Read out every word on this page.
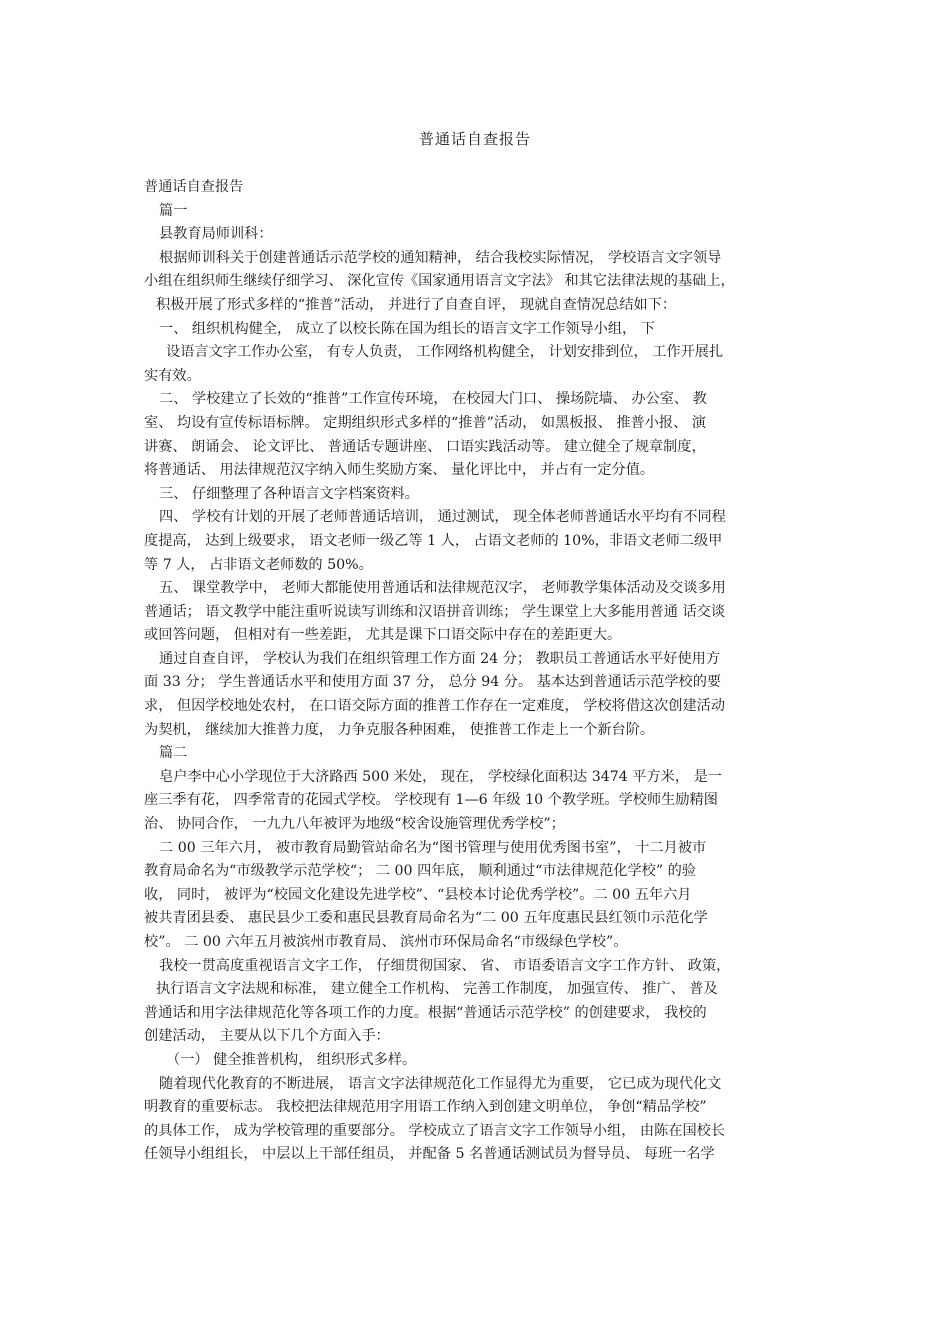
普通话自查报告

普通话自查报告

篇一

县教育局师训科：

根据师训科关于创建普通话示范学校的通知精神， 结合我校实际情况， 学校语言文字领导

小组在组织师生继续仔细学习、 深化宣传《国家通用语言文字法》 和其它法律法规的基础上，

积极开展了形式多样的“推普”活动， 并进行了自查自评， 现就自查情况总结如下：

一、 组织机构健全， 成立了以校长陈在国为组长的语言文字工作领导小组， 下

设语言文字工作办公室， 有专人负责， 工作网络机构健全， 计划安排到位， 工作开展扎

实有效。

二、 学校建立了长效的“推普”工作宣传环境， 在校园大门口、 操场院墙、 办公室、 教

室、 均设有宣传标语标牌。 定期组织形式多样的“推普”活动， 如黑板报、 推普小报、 演

讲赛、 朗诵会、 论文评比、 普通话专题讲座、 口语实践活动等。 建立健全了规章制度，

将普通话、 用法律规范汉字纳入师生奖励方案、 量化评比中， 并占有一定分值。

三、 仔细整理了各种语言文字档案资料。

四、 学校有计划的开展了老师普通话培训， 通过测试， 现全体老师普通话水平均有不同程

度提高， 达到上级要求， 语文老师一级乙等 1 人， 占语文老师的 10%，非语文老师二级甲

等 7 人， 占非语文老师数的 50%。

五、 课堂教学中， 老师大都能使用普通话和法律规范汉字， 老师教学集体活动及交谈多用

普通话； 语文教学中能注重听说读写训练和汉语拼音训练； 学生课堂上大多能用普通 话交谈

或回答问题， 但相对有一些差距， 尤其是课下口语交际中存在的差距更大。

通过自查自评， 学校认为我们在组织管理工作方面 24 分； 教职员工普通话水平好使用方

面 33 分； 学生普通话水平和使用方面 37 分， 总分 94 分。 基本达到普通话示范学校的要

求， 但因学校地处农村， 在口语交际方面的推普工作存在一定难度， 学校将借这次创建活动

为契机， 继续加大推普力度， 力争克服各种困难， 使推普工作走上一个新台阶。

篇二

皂户李中心小学现位于大济路西 500 米处， 现在， 学校绿化面积达 3474 平方米， 是一

座三季有花， 四季常青的花园式学校。 学校现有 1—6 年级 10 个教学班。学校师生励精图

治、 协同合作， 一九九八年被评为地级“校舍设施管理优秀学校”；

二 00 三年六月， 被市教育局勤管站命名为“图书管理与使用优秀图书室”， 十二月被市

教育局命名为“市级教学示范学校“； 二 00 四年底， 顺利通过“市法律规范化学校” 的验

收， 同时， 被评为“校园文化建设先进学校”、“县校本讨论优秀学校”。二 00 五年六月

被共青团县委、 惠民县少工委和惠民县教育局命名为“二 00 五年度惠民县红领巾示范化学

校”。 二 00 六年五月被滨州市教育局、 滨州市环保局命名“市级绿色学校”。

我校一贯高度重视语言文字工作， 仔细贯彻国家、 省、 市语委语言文字工作方针、 政策，

执行语言文字法规和标准， 建立健全工作机构、 完善工作制度， 加强宣传、 推广、 普及

普通话和用字法律规范化等各项工作的力度。根据“普通话示范学校” 的创建要求， 我校的

创建活动， 主要从以下几个方面入手：

（一） 健全推普机构， 组织形式多样。

随着现代化教育的不断进展， 语言文字法律规范化工作显得尤为重要， 它已成为现代化文

明教育的重要标志。 我校把法律规范用字用语工作纳入到创建文明单位， 争创“精品学校”

的具体工作， 成为学校管理的重要部分。 学校成立了语言文字工作领导小组， 由陈在国校长

任领导小组组长， 中层以上干部任组员， 并配备 5 名普通话测试员为督导员、 每班一名学
